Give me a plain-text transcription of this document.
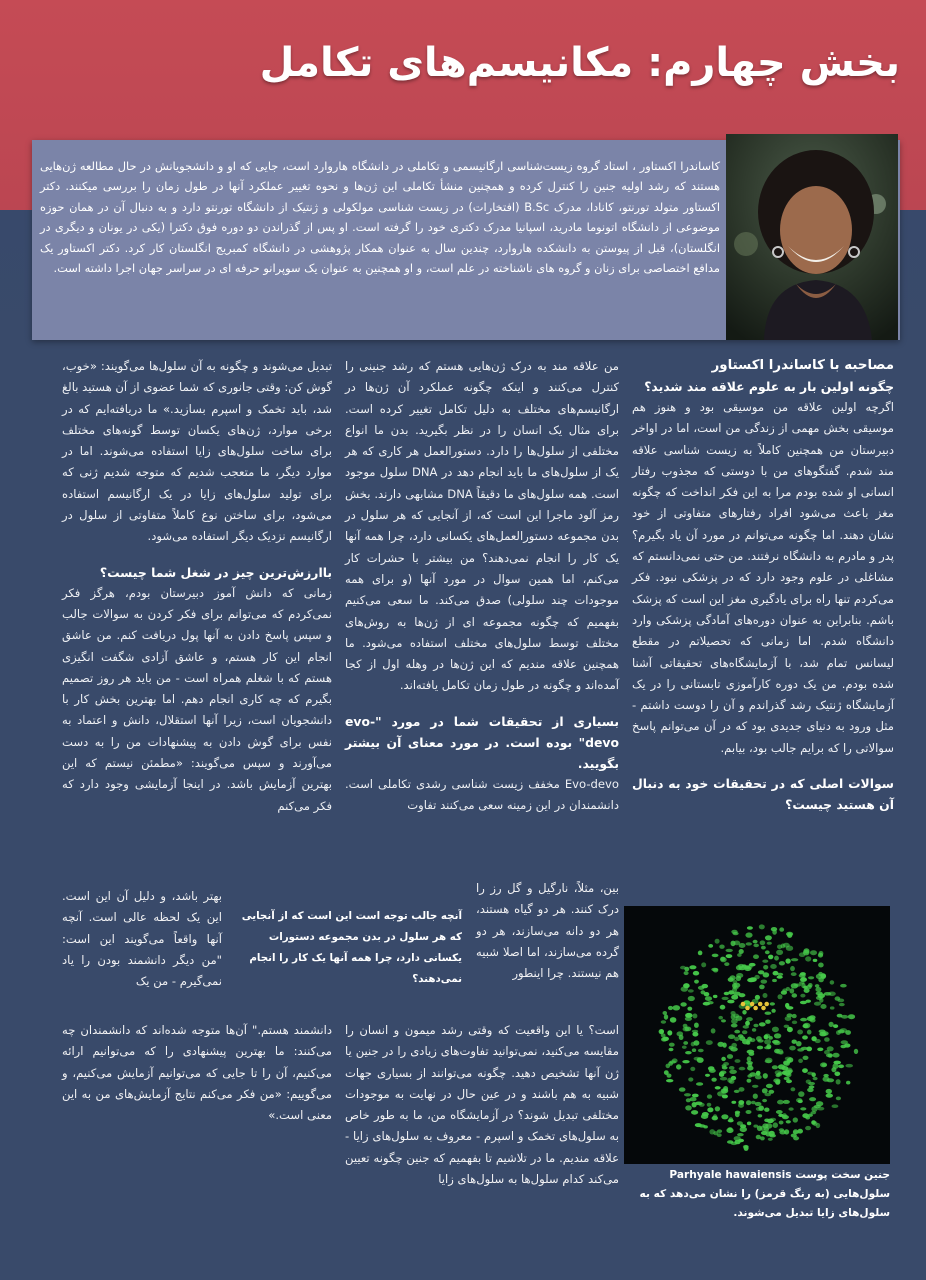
بخش چهارم: مکانیسم‌های تکامل

کاساندرا اکستاور ، استاد گروه زیست‌شناسی ارگانیسمی و تکاملی در دانشگاه هاروارد است، جایی که او و دانشجویانش در حال مطالعه ژن‌هایی هستند که رشد اولیه جنین را کنترل کرده و همچنین منشأ تکاملی این ژن‌ها و نحوه تغییر عملکرد آنها در طول زمان را بررسی میکنند. دکتر اکستاور متولد تورنتو، کانادا، مدرک B.Sc (افتخارات) در زیست شناسی مولکولی و ژنتیک از دانشگاه تورنتو دارد و به دنبال آن در همان حوزه موضوعی از دانشگاه اتونوما مادرید، اسپانیا مدرک دکتری خود را گرفته است. او پس از گذراندن دو دوره فوق دکترا (یکی در یونان و دیگری در انگلستان)، قبل از پیوستن به دانشکده هاروارد، چندین سال به عنوان همکار پژوهشی در دانشگاه کمبریج انگلستان کار کرد. دکتر اکستاور یک مدافع اختصاصی برای زنان و گروه های ناشناخته در علم است، و او همچنین به عنوان یک سوپرانو حرفه ای در سراسر جهان اجرا داشته است.

مصاحبه با کاساندرا اکستاور
چگونه اولین بار به علوم علاقه مند شدید؟

اگرچه اولین علاقه من موسیقی بود و هنوز هم موسیقی بخش مهمی از زندگی من است، اما در اواخر دبیرستان من همچنین کاملاً به زیست شناسی علاقه مند شدم. گفتگوهای من با دوستی که مجذوب رفتار انسانی او شده بودم مرا به این فکر انداخت که چگونه مغز باعث می‌شود افراد رفتارهای متفاوتی از خود نشان دهند. اما چگونه می‌توانم در مورد آن یاد بگیرم؟ پدر و مادرم به دانشگاه نرفتند. من حتی نمی‌دانستم که مشاغلی در علوم وجود دارد که در پزشکی نبود. فکر می‌کردم تنها راه برای یادگیری مغز این است که پزشک باشم. بنابراین به عنوان دوره‌های آمادگی پزشکی وارد دانشگاه شدم. اما زمانی که تحصیلاتم در مقطع لیسانس تمام شد، با آزمایشگاه‌های تحقیقاتی آشنا شده بودم. من یک دوره کارآموزی تابستانی را در یک آزمایشگاه ژنتیک رشد گذراندم و آن را دوست داشتم - مثل ورود به دنیای جدیدی بود که در آن می‌توانم پاسخ سوالاتی را که برایم جالب بود، بیابم.

سوالات اصلی که در تحقیقات خود به دنبال آن هستید چیست؟

من علاقه مند به درک ژن‌هایی هستم که رشد جنینی را کنترل می‌کنند و اینکه چگونه عملکرد آن ژن‌ها در ارگانیسم‌های مختلف به دلیل تکامل تغییر کرده است. برای مثال یک انسان را در نظر بگیرید. بدن ما انواع مختلفی از سلول‌ها را دارد. دستورالعمل هر کاری که هر یک از سلول‌های ما باید انجام دهد در DNA سلول موجود است. همه سلول‌های ما دقیقاً DNA مشابهی دارند. بخش رمز آلود ماجرا این است که، از آنجایی که هر سلول در بدن مجموعه دستورالعمل‌های یکسانی دارد، چرا همه آنها یک کار را انجام نمی‌دهند؟ من بیشتر با حشرات کار می‌کنم، اما همین سوال در مورد آنها (و برای همه موجودات چند سلولی) صدق می‌کند. ما سعی می‌کنیم بفهمیم که چگونه مجموعه ای از ژن‌ها به روش‌های مختلف توسط سلول‌های مختلف استفاده می‌شود. ما همچنین علاقه مندیم که این ژن‌ها در وهله اول از کجا آمده‌اند و چگونه در طول زمان تکامل یافته‌اند.

بسیاری از تحقیقات شما در مورد "evo-devo" بوده است. در مورد معنای آن بیشتر بگویید.

Evo-devo مخفف زیست شناسی رشدی تکاملی است. دانشمندان در این زمینه سعی می‌کنند تفاوت

بین، مثلاً، نارگیل و گل رز را درک کنند. هر دو گیاه هستند، هر دو دانه می‌سازند، هر دو گرده می‌سازند، اما اصلا شبیه هم نیستند. چرا اینطور
است؟ یا این واقعیت که وقتی رشد میمون و انسان را مقایسه می‌کنید، نمی‌توانید تفاوت‌های زیادی را در جنین یا ژن آنها تشخیص دهید. چگونه می‌توانند از بسیاری جهات شبیه به هم باشند و در عین حال در نهایت به موجودات مختلفی تبدیل شوند؟ در آزمایشگاه من، ما به طور خاص به سلول‌های تخمک و اسپرم - معروف به سلول‌های زایا - علاقه مندیم. ما در تلاشیم تا بفهمیم که جنین چگونه تعیین می‌کند کدام سلول‌ها به سلول‌های زایا

تبدیل می‌شوند و چگونه به آن سلول‌ها می‌گویند: «خوب، گوش کن: وقتی جانوری که شما عضوی از آن هستید بالغ شد، باید تخمک و اسپرم بسازید.» ما دریافته‌ایم که در برخی موارد، ژن‌های یکسان توسط گونه‌های مختلف برای ساخت سلول‌های زایا استفاده می‌شوند. اما در موارد دیگر، ما متعجب شدیم که متوجه شدیم ژنی که برای تولید سلول‌های زایا در یک ارگانیسم استفاده می‌شود، برای ساختن نوع کاملاً متفاوتی از سلول در ارگانیسم نزدیک دیگر استفاده می‌شود.

باارزش‌ترین چیز در شغل شما چیست؟

زمانی که دانش آموز دبیرستان بودم، هرگز فکر نمی‌کردم که می‌توانم برای فکر کردن به سوالات جالب و سپس پاسخ دادن به آنها پول دریافت کنم. من عاشق انجام این کار هستم، و عاشق آزادی شگفت انگیزی هستم که با شغلم همراه است - من باید هر روز تصمیم بگیرم که چه کاری انجام دهم. اما بهترین بخش کار با دانشجویان است، زیرا آنها استقلال، دانش و اعتماد به نفس برای گوش دادن به پیشنهادات من را به دست می‌آورند و سپس می‌گویند: «مطمئن نیستم که این بهترین آزمایش باشد. در اینجا آزمایشی وجود دارد که فکر می‌کنم

بهتر باشد، و دلیل آن این است. این یک لحظه عالی است. آنچه آنها واقعاً می‌گویند این است: "من دیگر دانشمند بودن را یاد نمی‌گیرم - من یک
دانشمند هستم." آن‌ها متوجه شده‌اند که دانشمندان چه می‌کنند: ما بهترین پیشنهادی را که می‌توانیم ارائه می‌کنیم، آن را تا جایی که می‌توانیم آزمایش می‌کنیم، و می‌گوییم: «من فکر می‌کنم نتایج آزمایش‌های من به این معنی است.»
آنچه جالب توجه است این است که از آنجایی که هر سلول در بدن مجموعه دستورات یکسانی دارد، چرا همه آنها یک کار را انجام نمی‌دهند؟
جنین سخت پوست Parhyale hawaiensis سلول‌هایی (به رنگ قرمز) را نشان می‌دهد که به سلول‌های زایا تبدیل می‌شوند.
